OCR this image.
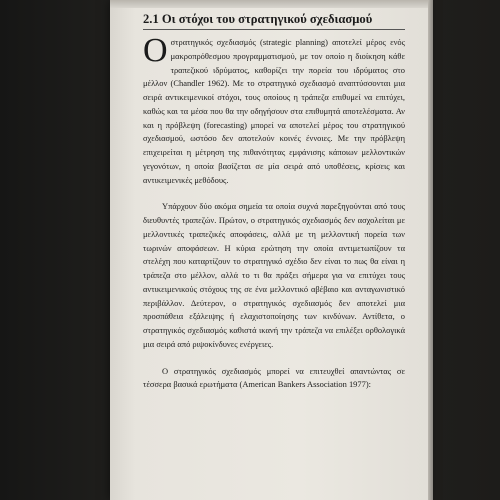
2.1 Οι στόχοι του στρατηγικού σχεδιασμού

Οστρατηγικός σχεδιασμός (strategic planning) αποτελεί μέρος ενός μακροπρόθεσμου προγραμματισμού, με τον οποίο η διοίκηση κάθε τραπεζικού ιδρύματος, καθορίζει την πορεία του ιδρύματος στο μέλλον (Chandler 1962). Με το στρατηγικό σχεδιασμό αναπτύσσονται μια σειρά αντικειμενικοί στόχοι, τους οποίους η τράπεζα επιθυμεί να επιτύχει, καθώς και τα μέσα που θα την οδηγήσουν στα επιθυμητά αποτελέσματα. Αν και η πρόβλεψη (forecasting) μπορεί να αποτελεί μέρος του στρατηγικού σχεδιασμού, ωστόσο δεν αποτελούν κοινές έννοιες. Με την πρόβλεψη επιχειρείται η μέτρηση της πιθανότητας εμφάνισης κάποιων μελλοντικών γεγονότων, η οποία βασίζεται σε μία σειρά από υποθέσεις, κρίσεις και αντικειμενικές μεθόδους.

Υπάρχουν δύο ακόμα σημεία τα οποία συχνά παρεξηγούνται από τους διευθυντές τραπεζών. Πρώτον, ο στρατηγικός σχεδιασμός δεν ασχολείται με μελλοντικές τραπεζικές αποφάσεις, αλλά με τη μελλοντική πορεία των τωρινών αποφάσεων. Η κύρια ερώτηση την οποία αντιμετωπίζουν τα στελέχη που καταρτίζουν το στρατηγικό σχέδιο δεν είναι το πως θα είναι η τράπεζα στο μέλλον, αλλά το τι θα πράξει σήμερα για να επιτύχει τους αντικειμενικούς στόχους της σε ένα μελλοντικό αβέβαιο και ανταγωνιστικό περιβάλλον. Δεύτερον, ο στρατηγικός σχεδιασμός δεν αποτελεί μια προσπάθεια εξάλειψης ή ελαχιστοποίησης των κινδύνων. Αντίθετα, ο στρατηγικός σχεδιασμός καθιστά ικανή την τράπεζα να επιλέξει ορθολογικά μια σειρά από ριψοκίνδυνες ενέργειες.

Ο στρατηγικός σχεδιασμός μπορεί να επιτευχθεί απαντώντας σε τέσσερα βασικά ερωτήματα (American Bankers Association 1977):
